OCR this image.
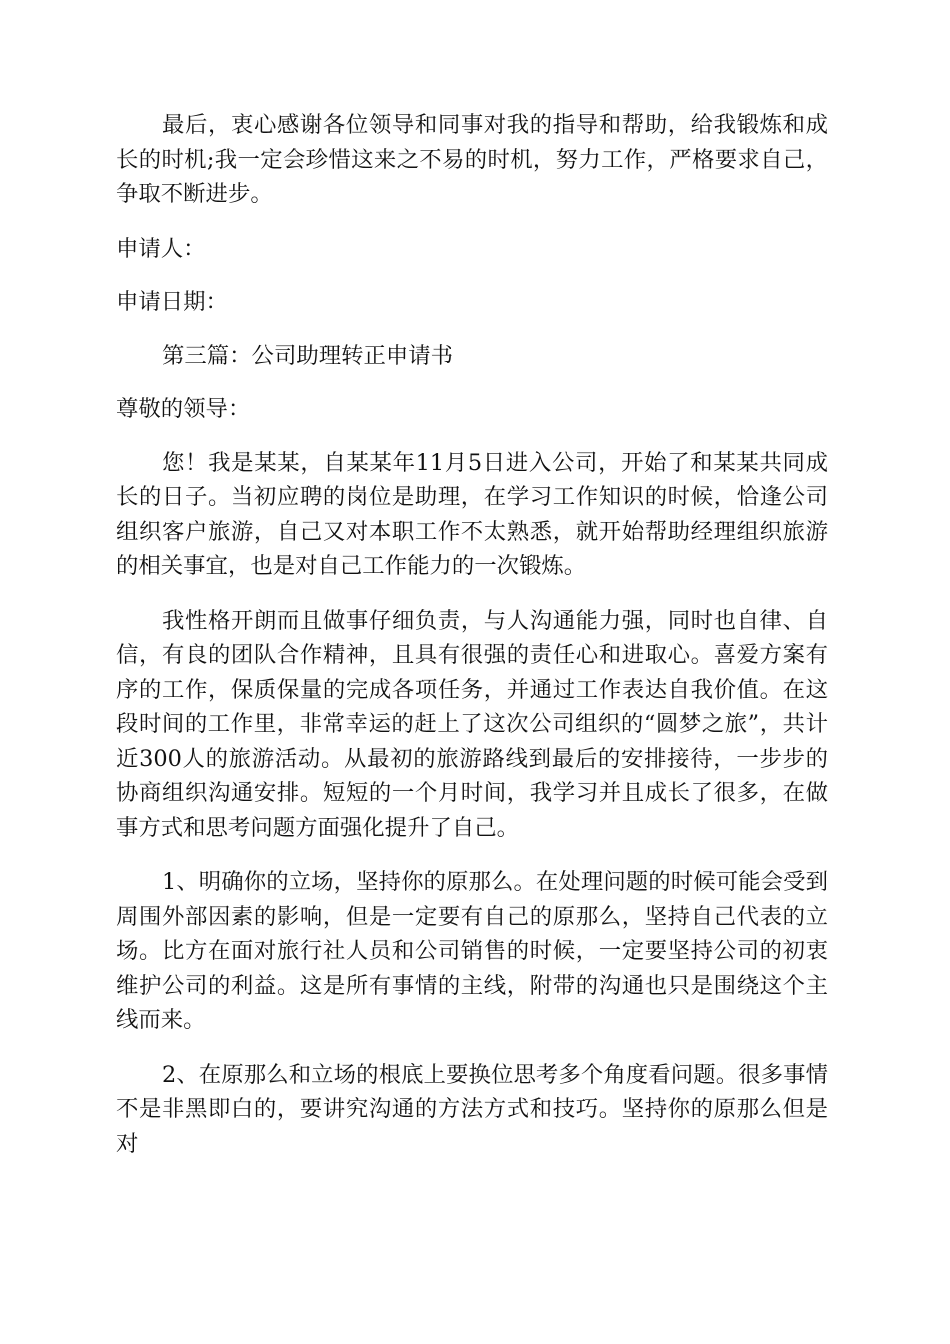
最后，衷心感谢各位领导和同事对我的指导和帮助，给我锻炼和成长的时机;我一定会珍惜这来之不易的时机，努力工作，严格要求自己，争取不断进步。

申请人：

申请日期：

第三篇：公司助理转正申请书

尊敬的领导：

您！我是某某，自某某年11月5日进入公司，开始了和某某共同成长的日子。当初应聘的岗位是助理，在学习工作知识的时候，恰逢公司组织客户旅游，自己又对本职工作不太熟悉，就开始帮助经理组织旅游的相关事宜，也是对自己工作能力的一次锻炼。

我性格开朗而且做事仔细负责，与人沟通能力强，同时也自律、自信，有良的团队合作精神，且具有很强的责任心和进取心。喜爱方案有序的工作，保质保量的完成各项任务，并通过工作表达自我价值。在这段时间的工作里，非常幸运的赶上了这次公司组织的“圆梦之旅”，共计近300人的旅游活动。从最初的旅游路线到最后的安排接待，一步步的协商组织沟通安排。短短的一个月时间，我学习并且成长了很多，在做事方式和思考问题方面强化提升了自己。

1、明确你的立场，坚持你的原那么。在处理问题的时候可能会受到周围外部因素的影响，但是一定要有自己的原那么，坚持自己代表的立场。比方在面对旅行社人员和公司销售的时候，一定要坚持公司的初衷维护公司的利益。这是所有事情的主线，附带的沟通也只是围绕这个主线而来。

2、在原那么和立场的根底上要换位思考多个角度看问题。很多事情不是非黑即白的，要讲究沟通的方法方式和技巧。坚持你的原那么但是对
